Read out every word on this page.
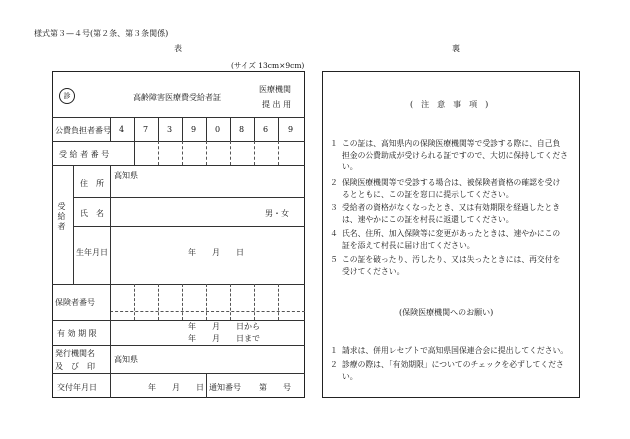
様式第３—４号(第２条、第３条関係)
表	裏
(サイズ 13cm×9cm)
診	高齢障害医療費受給者証
医療機関
提 出 用
公費負担者番号 4 7 3 9 0 8 6 9
受 給 者 番 号
受給者
住　所
高知県
氏　名	男・女
生年月日	年　　月　　日
保険者番号
有 効 期 限
年　　月　　日から
年　　月　　日まで
発行機関名
及　び　印
高知県
交付年月日	年　　月　　日 通知番号 第　　号
(　注　意　事　項　)
１ この証は、高知県内の保険医療機関等で受診する際に、自己負
担金の公費助成が受けられる証ですので、大切に保持してくださ
い。
２ 保険医療機関等で受診する場合は、被保険者資格の確認を受け
るとともに、この証を窓口に提示してください。
３ 受給者の資格がなくなったとき、又は有効期限を経過したとき
は、速やかにこの証を村長に返還してください。
４ 氏名、住所、加入保険等に変更があったときは、速やかにこの
証を添えて村長に届け出てください。
５ この証を破ったり、汚したり、又は失ったときには、再交付を
受けてください。
(保険医療機関へのお願い)
１ 請求は、併用レセプトで高知県国保連合会に提出してください。
２ 診療の際は、「有効期限」についてのチェックを必ずしてくださ
い。
